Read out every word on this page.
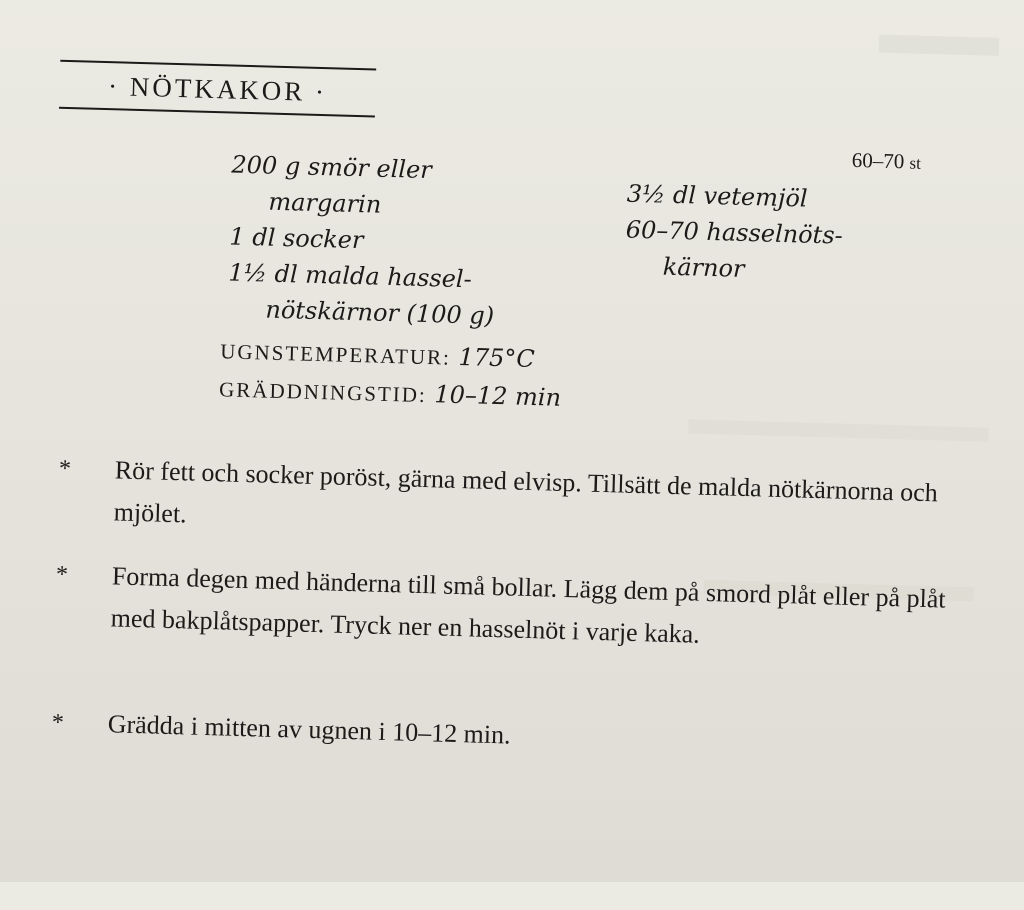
· NÖTKAKOR ·
60–70 st
200 g smör eller
margarin
1 dl socker
1½ dl malda hassel-
nötskärnor (100 g)
3½ dl vetemjöl
60–70 hasselnöts-
kärnor
UGNSTEMPERATUR: 175°C
GRÄDDNINGSTID: 10–12 min
* Rör fett och socker poröst, gärna med elvisp. Tillsätt de malda nötkärnorna och mjölet.
* Forma degen med händerna till små bollar. Lägg dem på smord plåt eller på plåt med bakplåtspapper. Tryck ner en hasselnöt i varje kaka.
* Grädda i mitten av ugnen i 10–12 min.
